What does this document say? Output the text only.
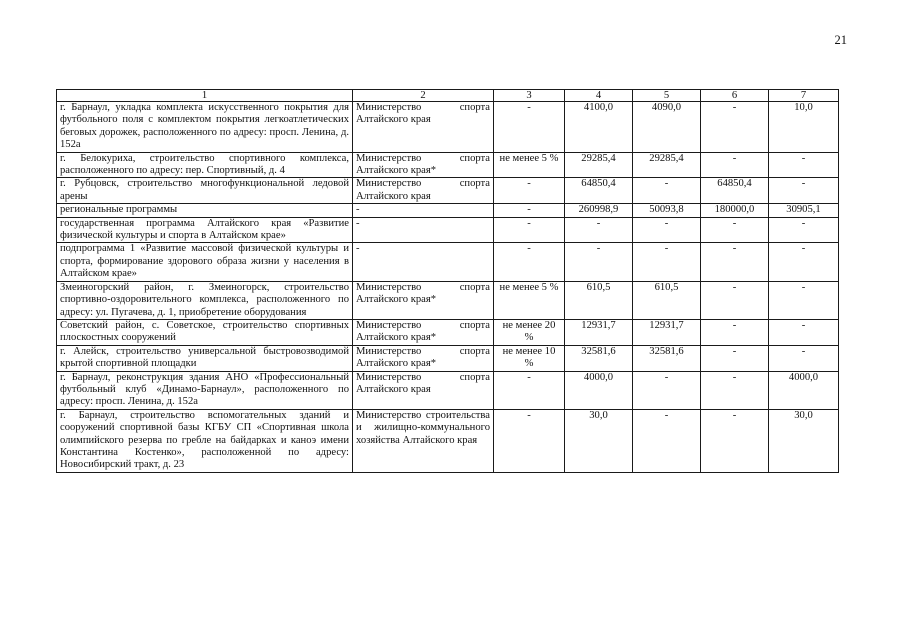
21
1	2	3	4	5	6	7
г. Барнаул, укладка комплекта искусственного покрытия для футбольного поля с комплектом покрытия легкоатлетических беговых дорожек, расположенного по адресу: просп. Ленина, д. 152а	Министерство спорта Алтайского края	-	4100,0	4090,0	-	10,0
г. Белокуриха, строительство спортивного комплекса, расположенного по адресу: пер. Спортивный, д. 4	Министерство спорта Алтайского края*	не менее 5 %	29285,4	29285,4	-	-
г. Рубцовск, строительство многофункциональной ледовой арены	Министерство спорта Алтайского края	-	64850,4	-	64850,4	-
региональные программы	-	-	260998,9	50093,8	180000,0	30905,1
государственная программа Алтайского края «Развитие физической культуры и спорта в Алтайском крае»	-	-	-	-	-	-
подпрограмма 1 «Развитие массовой физической культуры и спорта, формирование здорового образа жизни у населения в Алтайском крае»	-	-	-	-	-	-
Змеиногорский район, г. Змеиногорск, строительство спортивно-оздоровительного комплекса, расположенного по адресу: ул. Пугачева, д. 1, приобретение оборудования	Министерство спорта Алтайского края*	не менее 5 %	610,5	610,5	-	-
Советский район, с. Советское, строительство спортивных плоскостных сооружений	Министерство спорта Алтайского края*	не менее 20 %	12931,7	12931,7	-	-
г. Алейск, строительство универсальной быстровозводимой крытой спортивной площадки	Министерство спорта Алтайского края*	не менее 10 %	32581,6	32581,6	-	-
г. Барнаул, реконструкция здания АНО «Профессиональный футбольный клуб «Динамо-Барнаул», расположенного по адресу: просп. Ленина, д. 152а	Министерство спорта Алтайского края	-	4000,0	-	-	4000,0
г. Барнаул, строительство вспомогательных зданий и сооружений спортивной базы КГБУ СП «Спортивная школа олимпийского резерва по гребле на байдарках и каноэ имени Константина Костенко», расположенной по адресу: Новосибирский тракт, д. 23	Министерство строительства и жилищно-коммунального хозяйства Алтайского края	-	30,0	-	-	30,0
